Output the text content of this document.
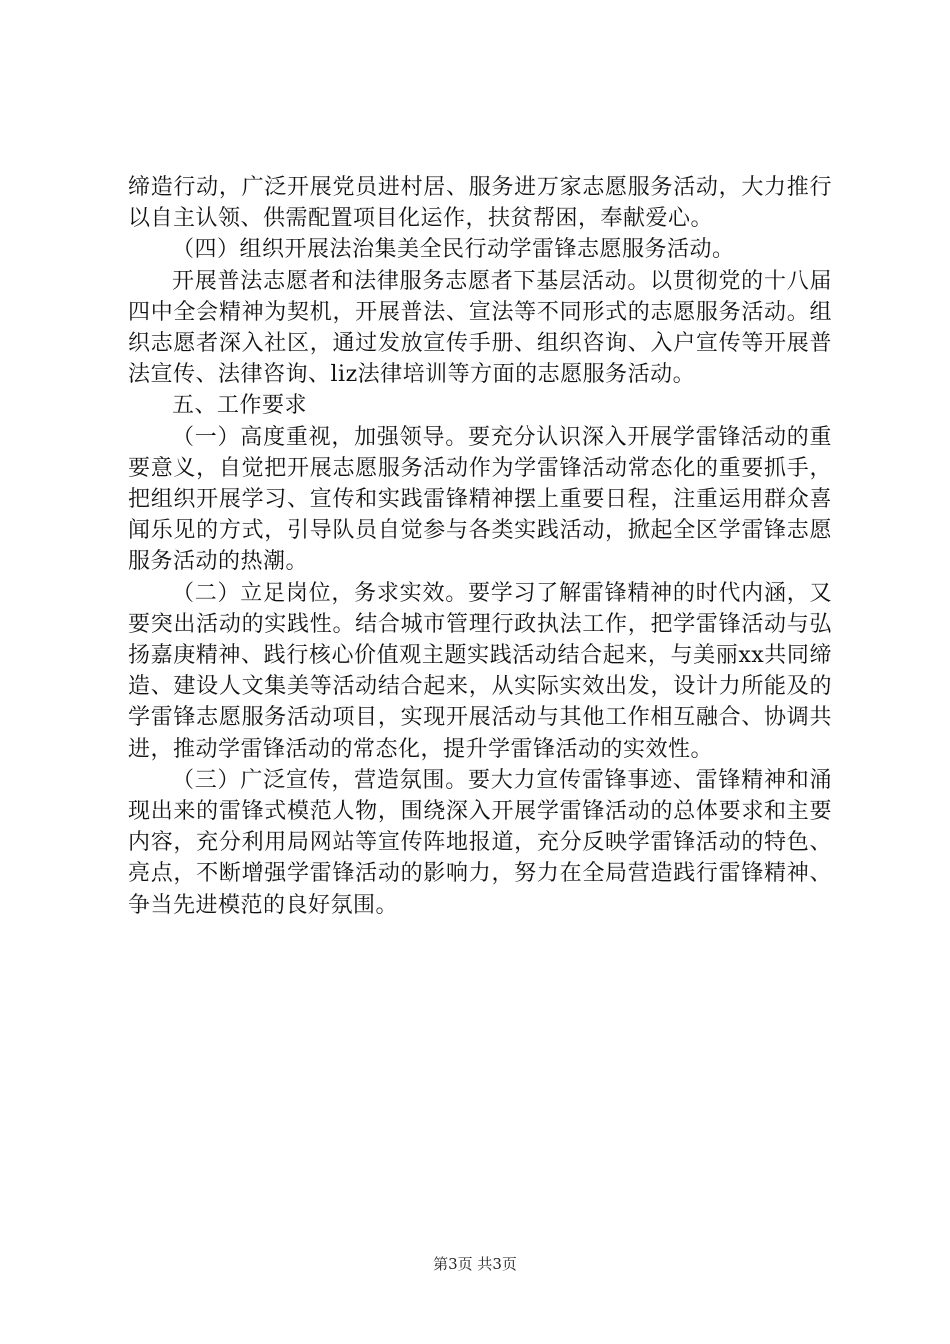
缔造行动，广泛开展党员进村居、服务进万家志愿服务活动，大力推行以自主认领、供需配置项目化运作，扶贫帮困，奉献爱心。

（四）组织开展法治集美全民行动学雷锋志愿服务活动。

开展普法志愿者和法律服务志愿者下基层活动。以贯彻党的十八届四中全会精神为契机，开展普法、宣法等不同形式的志愿服务活动。组织志愿者深入社区，通过发放宣传手册、组织咨询、入户宣传等开展普法宣传、法律咨询、liz法律培训等方面的志愿服务活动。

五、工作要求

（一）高度重视，加强领导。要充分认识深入开展学雷锋活动的重要意义，自觉把开展志愿服务活动作为学雷锋活动常态化的重要抓手，把组织开展学习、宣传和实践雷锋精神摆上重要日程，注重运用群众喜闻乐见的方式，引导队员自觉参与各类实践活动，掀起全区学雷锋志愿服务活动的热潮。

（二）立足岗位，务求实效。要学习了解雷锋精神的时代内涵，又要突出活动的实践性。结合城市管理行政执法工作，把学雷锋活动与弘扬嘉庚精神、践行核心价值观主题实践活动结合起来，与美丽xx共同缔造、建设人文集美等活动结合起来，从实际实效出发，设计力所能及的学雷锋志愿服务活动项目，实现开展活动与其他工作相互融合、协调共进，推动学雷锋活动的常态化，提升学雷锋活动的实效性。

（三）广泛宣传，营造氛围。要大力宣传雷锋事迹、雷锋精神和涌现出来的雷锋式模范人物，围绕深入开展学雷锋活动的总体要求和主要内容，充分利用局网站等宣传阵地报道，充分反映学雷锋活动的特色、亮点，不断增强学雷锋活动的影响力，努力在全局营造践行雷锋精神、争当先进模范的良好氛围。

第3页 共3页
